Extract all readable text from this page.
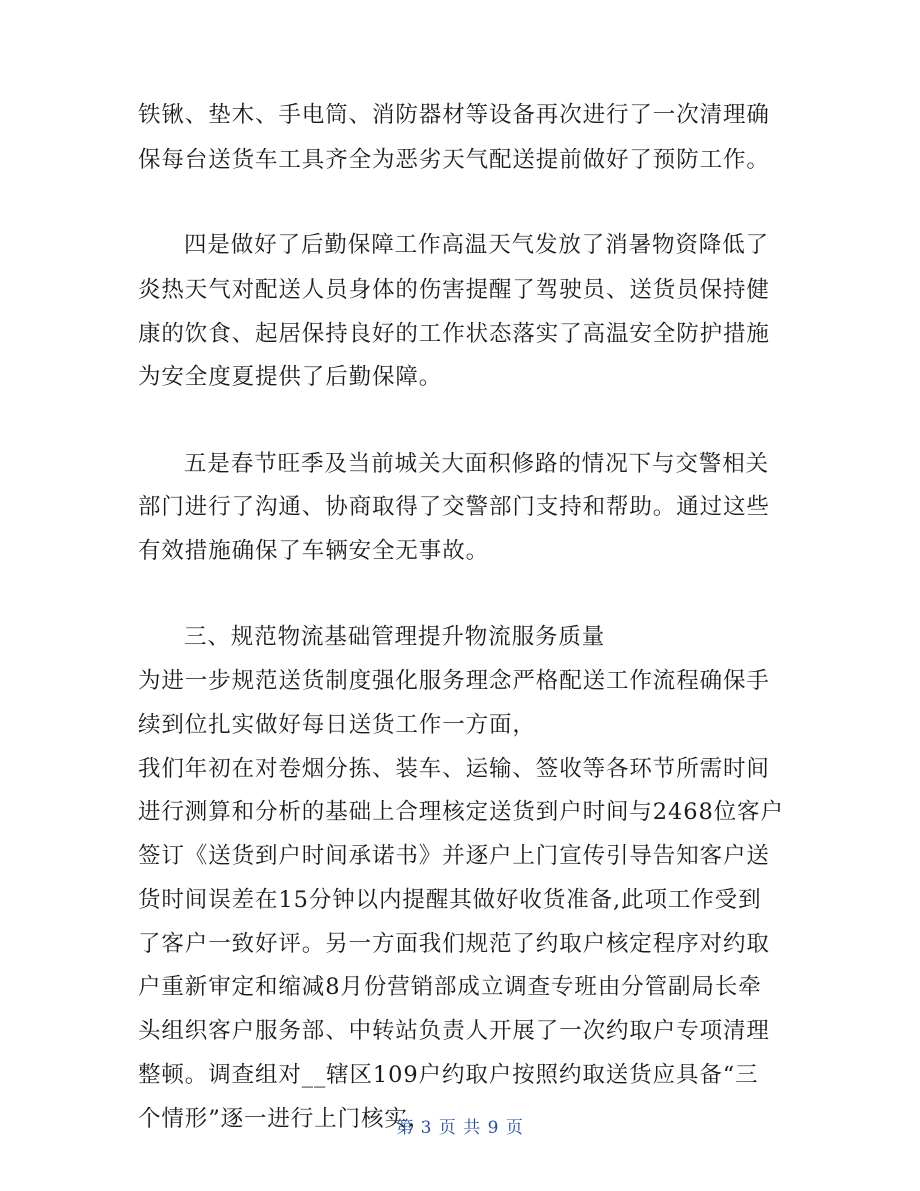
铁锹、垫木、手电筒、消防器材等设备再次进行了一次清理确
保每台送货车工具齐全为恶劣天气配送提前做好了预防工作。
四是做好了后勤保障工作高温天气发放了消暑物资降低了
炎热天气对配送人员身体的伤害提醒了驾驶员、送货员保持健
康的饮食、起居保持良好的工作状态落实了高温安全防护措施
为安全度夏提供了后勤保障。
五是春节旺季及当前城关大面积修路的情况下与交警相关
部门进行了沟通、协商取得了交警部门支持和帮助。通过这些
有效措施确保了车辆安全无事故。
三、规范物流基础管理提升物流服务质量
为进一步规范送货制度强化服务理念严格配送工作流程确保手
续到位扎实做好每日送货工作一方面，
我们年初在对卷烟分拣、装车、运输、签收等各环节所需时间
进行测算和分析的基础上合理核定送货到户时间与2468位客户
签订《送货到户时间承诺书》并逐户上门宣传引导告知客户送
货时间误差在15分钟以内提醒其做好收货准备,此项工作受到
了客户一致好评。另一方面我们规范了约取户核定程序对约取
户重新审定和缩减8月份营销部成立调查专班由分管副局长牵
头组织客户服务部、中转站负责人开展了一次约取户专项清理
整顿。调查组对__辖区109户约取户按照约取送货应具备“三
个情形”逐一进行上门核实，
第 3 页 共 9 页
